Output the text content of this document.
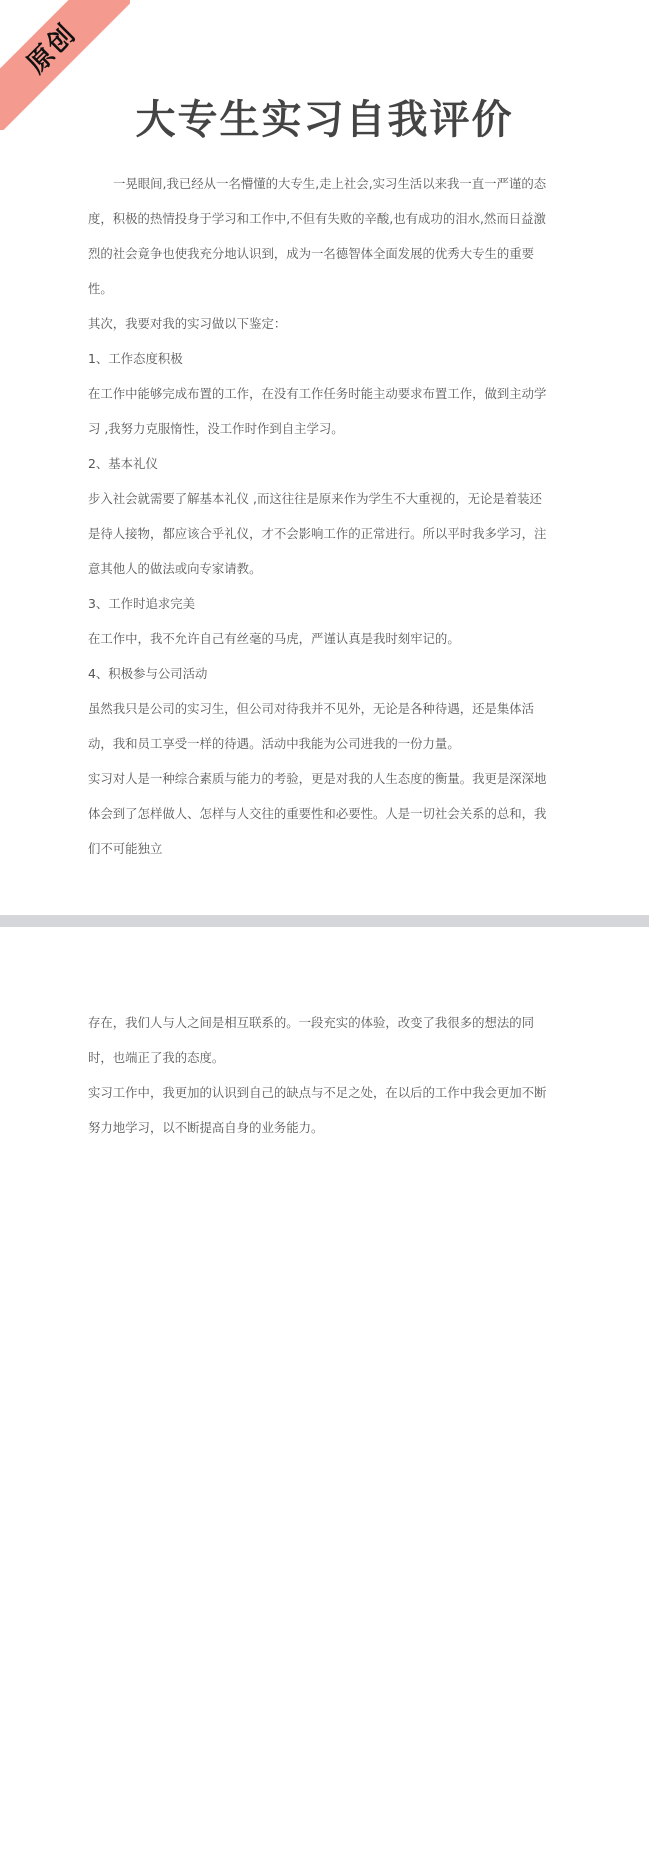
原创
大专生实习自我评价

一晃眼间,我已经从一名懵懂的大专生,走上社会,实习生活以来我一直一严谨的态度，积极的热情投身于学习和工作中,不但有失败的辛酸,也有成功的泪水,然而日益激烈的社会竟争也使我充分地认识到，成为一名德智体全面发展的优秀大专生的重要性。

其次，我要对我的实习做以下鉴定：

1、工作态度积极

在工作中能够完成布置的工作，在没有工作任务时能主动要求布置工作，做到主动学习 ,我努力克服惰性，没工作时作到自主学习。

2、基本礼仪

步入社会就需要了解基本礼仪 ,而这往往是原来作为学生不大重视的，无论是着装还是待人接物，都应该合乎礼仪，才不会影响工作的正常进行。所以平时我多学习，注意其他人的做法或向专家请教。

3、工作时追求完美

在工作中，我不允许自己有丝毫的马虎，严谨认真是我时刻牢记的。

4、积极参与公司活动

虽然我只是公司的实习生，但公司对待我并不见外，无论是各种待遇，还是集体活动，我和员工享受一样的待遇。活动中我能为公司进我的一份力量。

实习对人是一种综合素质与能力的考验，更是对我的人生态度的衡量。我更是深深地体会到了怎样做人、怎样与人交往的重要性和必要性。人是一切社会关系的总和，我们不可能独立

存在，我们人与人之间是相互联系的。一段充实的体验，改变了我很多的想法的同时，也端正了我的态度。

实习工作中，我更加的认识到自己的缺点与不足之处，在以后的工作中我会更加不断努力地学习，以不断提高自身的业务能力。
